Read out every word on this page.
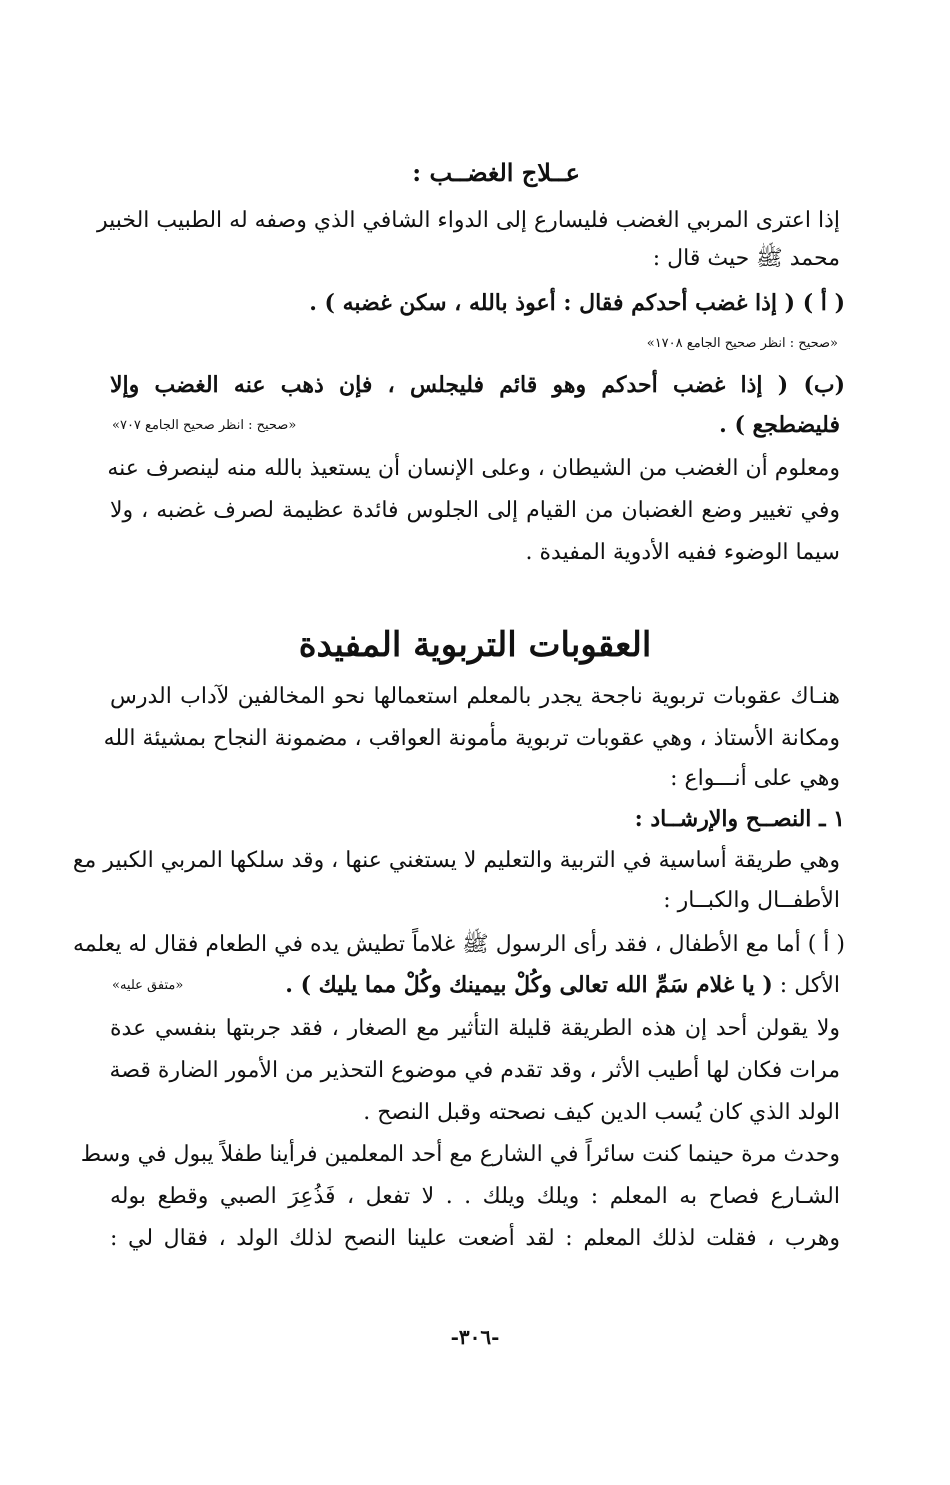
عــلاج الغضــب :
إذا اعترى المربي الغضب فليسارع إلى الدواء الشافي الذي وصفه له الطبيب الخبير
محمد ﷺ حيث قال :
( أ ) ( إذا غضب أحدكم فقال : أعوذ بالله ، سكن غضبه ) .
«صحيح : انظر صحيح الجامع ١٧٠٨»
(ب) ( إذا غضب أحدكم وهو قائم فليجلس ، فإن ذهب عنه الغضب وإلا
فليضطجع ) .
«صحيح : انظر صحيح الجامع ٧٠٧»
ومعلوم أن الغضب من الشيطان ، وعلى الإنسان أن يستعيذ بالله منه لينصرف عنه
وفي تغيير وضع الغضبان من القيام إلى الجلوس فائدة عظيمة لصرف غضبه ، ولا
سيما الوضوء ففيه الأدوية المفيدة .
العقوبات التربوية المفيدة
هنـاك عقوبات تربوية ناجحة يجدر بالمعلم استعمالها نحو المخالفين لآداب الدرس
ومكانة الأستاذ ، وهي عقوبات تربوية مأمونة العواقب ، مضمونة النجاح بمشيئة الله
وهي على أنـــواع :
١ ـ النصــح والإرشــاد :
وهي طريقة أساسية في التربية والتعليم لا يستغني عنها ، وقد سلكها المربي الكبير مع
الأطفــال والكبــار :
( أ ) أما مع الأطفال ، فقد رأى الرسول ﷺ غلاماً تطيش يده في الطعام فقال له يعلمه
الأكل : ( يا غلام سَمِّ الله تعالى وكُلْ بيمينك وكُلْ مما يليك ) .
«متفق عليه»
ولا يقولن أحد إن هذه الطريقة قليلة التأثير مع الصغار ، فقد جربتها بنفسي عدة
مرات فكان لها أطيب الأثر ، وقد تقدم في موضوع التحذير من الأمور الضارة قصة
الولد الذي كان يُسب الدين كيف نصحته وقبل النصح .
وحدث مرة حينما كنت سائراً في الشارع مع أحد المعلمين فرأينا طفلاً يبول في وسط
الشـارع فصاح به المعلم : ويلك ويلك . . لا تفعل ، فَذُعِرَ الصبي وقطع بوله
وهرب ، فقلت لذلك المعلم : لقد أضعت علينا النصح لذلك الولد ، فقال لي :
-٣٠٦-
